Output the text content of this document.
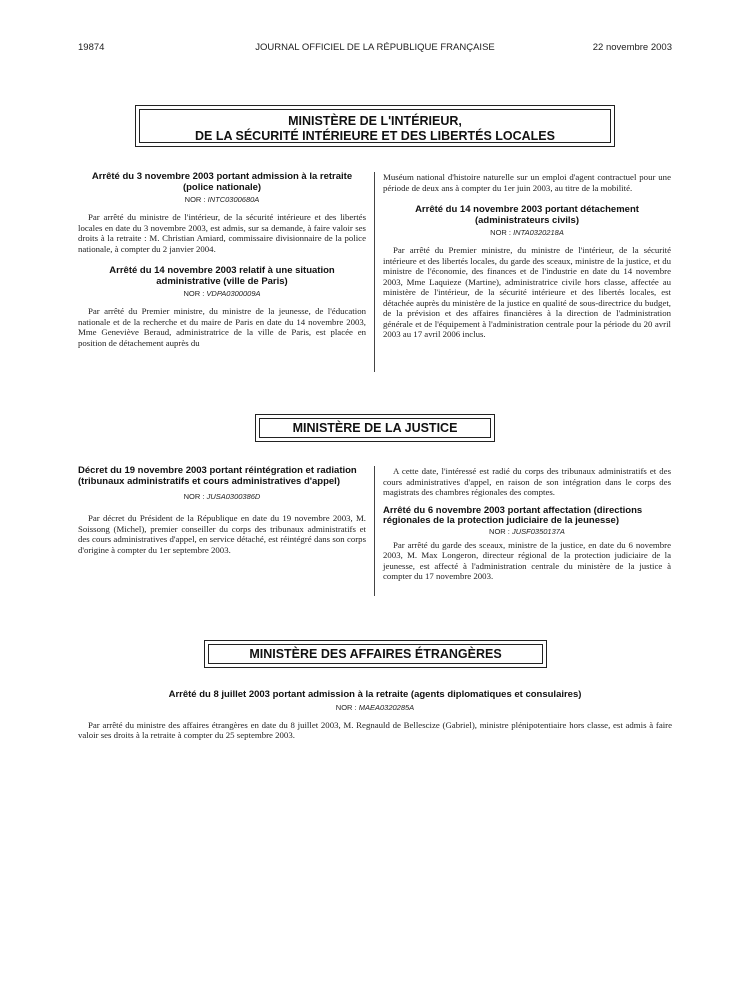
19874	JOURNAL OFFICIEL DE LA RÉPUBLIQUE FRANÇAISE	22 novembre 2003
MINISTÈRE DE L'INTÉRIEUR,
DE LA SÉCURITÉ INTÉRIEURE ET DES LIBERTÉS LOCALES
Arrêté du 3 novembre 2003 portant admission à la retraite (police nationale)
NOR : INTC0300680A
Par arrêté du ministre de l'intérieur, de la sécurité intérieure et des libertés locales en date du 3 novembre 2003, est admis, sur sa demande, à faire valoir ses droits à la retraite : M. Christian Amiard, commissaire divisionnaire de la police nationale, à compter du 2 janvier 2004.
Arrêté du 14 novembre 2003 relatif à une situation administrative (ville de Paris)
NOR : VDPA0300009A
Par arrêté du Premier ministre, du ministre de la jeunesse, de l'éducation nationale et de la recherche et du maire de Paris en date du 14 novembre 2003, Mme Geneviève Beraud, administratrice de la ville de Paris, est placée en position de détachement auprès du
Muséum national d'histoire naturelle sur un emploi d'agent contractuel pour une période de deux ans à compter du 1er juin 2003, au titre de la mobilité.
Arrêté du 14 novembre 2003 portant détachement (administrateurs civils)
NOR : INTA0320218A
Par arrêté du Premier ministre, du ministre de l'intérieur, de la sécurité intérieure et des libertés locales, du garde des sceaux, ministre de la justice, et du ministre de l'économie, des finances et de l'industrie en date du 14 novembre 2003, Mme Laquieze (Martine), administratrice civile hors classe, affectée au ministère de l'intérieur, de la sécurité intérieure et des libertés locales, est détachée auprès du ministère de la justice en qualité de sous-directrice du budget, de la prévision et des affaires financières à la direction de l'administration générale et de l'équipement à l'administration centrale pour la période du 20 avril 2003 au 17 avril 2006 inclus.
MINISTÈRE DE LA JUSTICE
Décret du 19 novembre 2003 portant réintégration et radiation (tribunaux administratifs et cours administratives d'appel)
NOR : JUSA0300386D
Par décret du Président de la République en date du 19 novembre 2003, M. Soissong (Michel), premier conseiller du corps des tribunaux administratifs et des cours administratives d'appel, en service détaché, est réintégré dans son corps d'origine à compter du 1er septembre 2003.
A cette date, l'intéressé est radié du corps des tribunaux administratifs et des cours administratives d'appel, en raison de son intégration dans le corps des magistrats des chambres régionales des comptes.
Arrêté du 6 novembre 2003 portant affectation (directions régionales de la protection judiciaire de la jeunesse)
NOR : JUSF0350137A
Par arrêté du garde des sceaux, ministre de la justice, en date du 6 novembre 2003, M. Max Longeron, directeur régional de la protection judiciaire de la jeunesse, est affecté à l'administration centrale du ministère de la justice à compter du 17 novembre 2003.
MINISTÈRE DES AFFAIRES ÉTRANGÈRES
Arrêté du 8 juillet 2003 portant admission à la retraite (agents diplomatiques et consulaires)
NOR : MAEA0320285A
Par arrêté du ministre des affaires étrangères en date du 8 juillet 2003, M. Regnauld de Bellescize (Gabriel), ministre plénipotentiaire hors classe, est admis à faire valoir ses droits à la retraite à compter du 25 septembre 2003.
